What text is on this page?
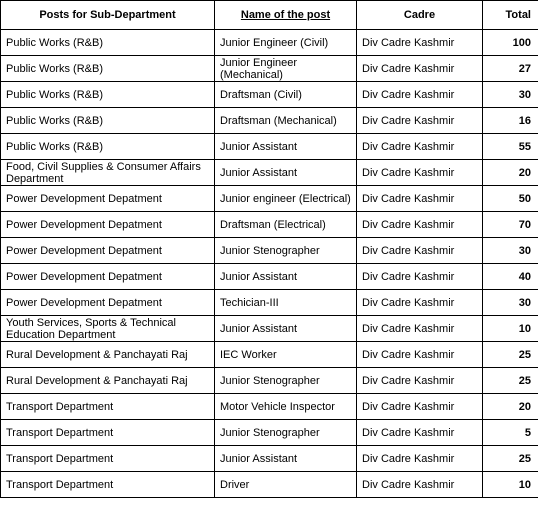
Posts for Sub-Department	Name of the post	Cadre	Total
Public Works (R&B)	Junior Engineer (Civil)	Div Cadre Kashmir	100
Public Works (R&B)	Junior Engineer (Mechanical)	Div Cadre Kashmir	27
Public Works (R&B)	Draftsman (Civil)	Div Cadre Kashmir	30
Public Works (R&B)	Draftsman (Mechanical)	Div Cadre Kashmir	16
Public Works (R&B)	Junior Assistant	Div Cadre Kashmir	55
Food, Civil Supplies & Consumer Affairs Department	Junior Assistant	Div Cadre Kashmir	20
Power Development Depatment	Junior engineer (Electrical)	Div Cadre Kashmir	50
Power Development Depatment	Draftsman (Electrical)	Div Cadre Kashmir	70
Power Development Depatment	Junior Stenographer	Div Cadre Kashmir	30
Power Development Depatment	Junior Assistant	Div Cadre Kashmir	40
Power Development Depatment	Techician-III	Div Cadre Kashmir	30
Youth Services, Sports & Technical Education Department	Junior Assistant	Div Cadre Kashmir	10
Rural Development & Panchayati Raj	IEC Worker	Div Cadre Kashmir	25
Rural Development & Panchayati Raj	Junior Stenographer	Div Cadre Kashmir	25
Transport Department	Motor Vehicle Inspector	Div Cadre Kashmir	20
Transport Department	Junior Stenographer	Div Cadre Kashmir	5
Transport Department	Junior Assistant	Div Cadre Kashmir	25
Transport Department	Driver	Div Cadre Kashmir	10
